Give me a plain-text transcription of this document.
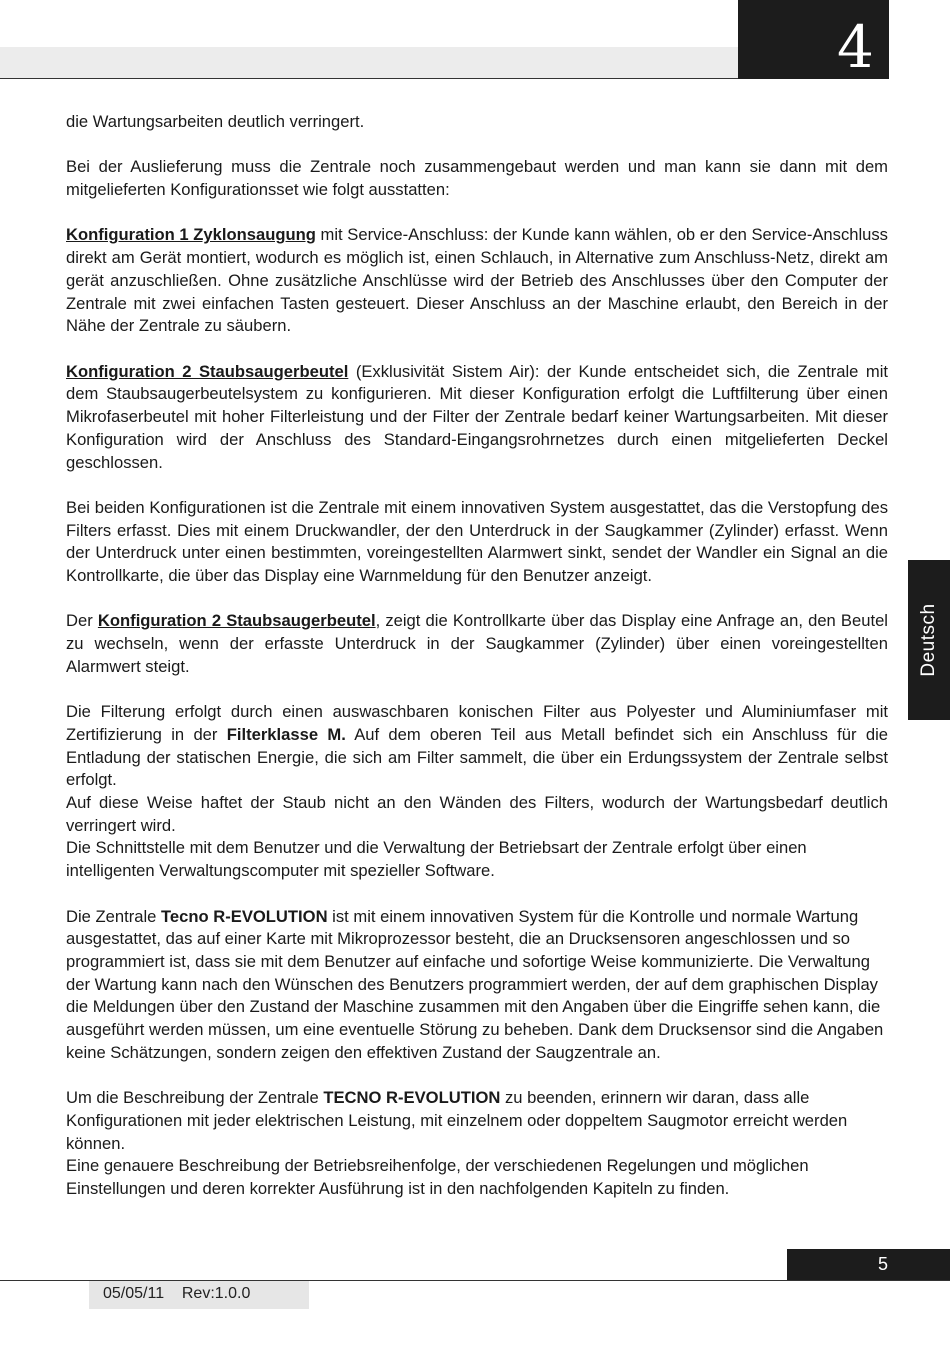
4
Deutsch

die Wartungsarbeiten deutlich verringert.

Bei der Auslieferung muss die Zentrale noch zusammengebaut werden und man kann sie dann mit dem mitgelieferten Konfigurationsset wie folgt ausstatten:

Konfiguration 1 Zyklonsaugung mit Service-Anschluss: der Kunde kann wählen, ob er den Service-Anschluss direkt am Gerät montiert, wodurch es möglich ist, einen Schlauch, in Alternative zum Anschluss-Netz, direkt am gerät anzuschließen. Ohne zusätzliche Anschlüsse wird der Betrieb des Anschlusses über den Computer der Zentrale mit zwei einfachen Tasten gesteuert. Dieser Anschluss an der Maschine erlaubt, den Bereich in der Nähe der Zentrale zu säubern.

Konfiguration 2 Staubsaugerbeutel (Exklusivität Sistem Air): der Kunde entscheidet sich, die Zentrale mit dem Staubsaugerbeutelsystem zu konfigurieren. Mit dieser Konfiguration erfolgt die Luftfilterung über einen Mikrofaserbeutel mit hoher Filterleistung und der Filter der Zentrale bedarf keiner Wartungsarbeiten. Mit dieser Konfiguration wird der Anschluss des Standard-Eingangsrohrnetzes durch einen mitgelieferten Deckel geschlossen.

Bei beiden Konfigurationen ist die Zentrale mit einem innovativen System ausgestattet, das die Verstopfung des Filters erfasst. Dies mit einem Druckwandler, der den Unterdruck in der Saugkammer (Zylinder) erfasst. Wenn der Unterdruck unter einen bestimmten, voreingestellten Alarmwert sinkt, sendet der Wandler ein Signal an die Kontrollkarte, die über das Display eine Warnmeldung für den Benutzer anzeigt.

Der Konfiguration 2 Staubsaugerbeutel, zeigt die Kontrollkarte über das Display eine Anfrage an, den Beutel zu wechseln, wenn der erfasste Unterdruck in der Saugkammer (Zylinder) über einen voreingestellten Alarmwert steigt.

Die Filterung erfolgt durch einen auswaschbaren konischen Filter aus Polyester und Aluminiumfaser mit Zertifizierung in der Filterklasse M. Auf dem oberen Teil aus Metall befindet sich ein Anschluss für die Entladung der statischen Energie, die sich am Filter sammelt, die über ein Erdungssystem der Zentrale selbst erfolgt.

Auf diese Weise haftet der Staub nicht an den Wänden des Filters, wodurch der Wartungsbedarf deutlich verringert wird.

Die Schnittstelle mit dem Benutzer und die Verwaltung der Betriebsart der Zentrale erfolgt über einen intelligenten Verwaltungscomputer mit spezieller Software.

Die Zentrale Tecno R-EVOLUTION ist mit einem innovativen System für die Kontrolle und normale Wartung ausgestattet, das auf einer Karte mit Mikroprozessor besteht, die an Drucksensoren angeschlossen und so programmiert ist, dass sie mit dem Benutzer auf einfache und sofortige Weise kommunizierte. Die Verwaltung der Wartung kann nach den Wünschen des Benutzers programmiert werden, der auf dem graphischen Display die Meldungen über den Zustand der Maschine zusammen mit den Angaben über die Eingriffe sehen kann, die ausgeführt werden müssen, um eine eventuelle Störung zu beheben. Dank dem Drucksensor sind die Angaben keine Schätzungen, sondern zeigen den effektiven Zustand der Saugzentrale an.

Um die Beschreibung der Zentrale TECNO R-EVOLUTION zu beenden, erinnern wir daran, dass alle Konfigurationen mit jeder elektrischen Leistung, mit einzelnem oder doppeltem Saugmotor erreicht werden können.

Eine genauere Beschreibung der Betriebsreihenfolge, der verschiedenen Regelungen und möglichen Einstellungen und deren korrekter Ausführung ist in den nachfolgenden Kapiteln zu finden.

5
05/05/11    Rev:1.0.0
